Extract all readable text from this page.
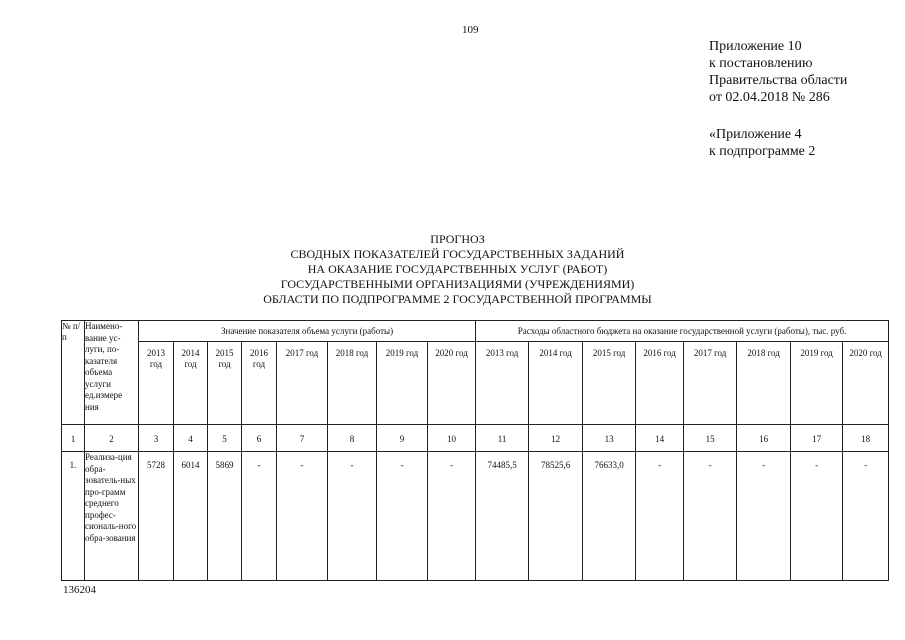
109
Приложение 10
к постановлению
Правительства области
от 02.04.2018 № 286
«Приложение 4
к подпрограмме 2
ПРОГНОЗ
СВОДНЫХ ПОКАЗАТЕЛЕЙ ГОСУДАРСТВЕННЫХ ЗАДАНИЙ
НА ОКАЗАНИЕ ГОСУДАРСТВЕННЫХ УСЛУГ (РАБОТ)
ГОСУДАРСТВЕННЫМИ ОРГАНИЗАЦИЯМИ (УЧРЕЖДЕНИЯМИ)
ОБЛАСТИ ПО ПОДПРОГРАММЕ 2 ГОСУДАРСТВЕННОЙ ПРОГРАММЫ
№ п/п	Наимено-вание ус-луги, по-казателя объема услуги ед.измере ния	Значение показателя объема услуги (работы)								Расходы областного бюджета на оказание государственной услуги (работы), тыс. руб.							

		2013 год	2014 год	2015 год	2016 год	2017 год	2018 год	2019 год	2020 год	2013 год	2014 год	2015 год	2016 год	2017 год	2018 год	2019 год	2020 год

1	2	3	4	5	6	7	8	9	10	11	12	13	14	15	16	17	18

1.	Реализа-ция обра-зователь-ных про-грамм среднего профес-сиональ-ного обра-зования	5728	6014	5869	-	-	-	-	-	74485,5	78525,6	76633,0	-	-	-	-	-
136204
